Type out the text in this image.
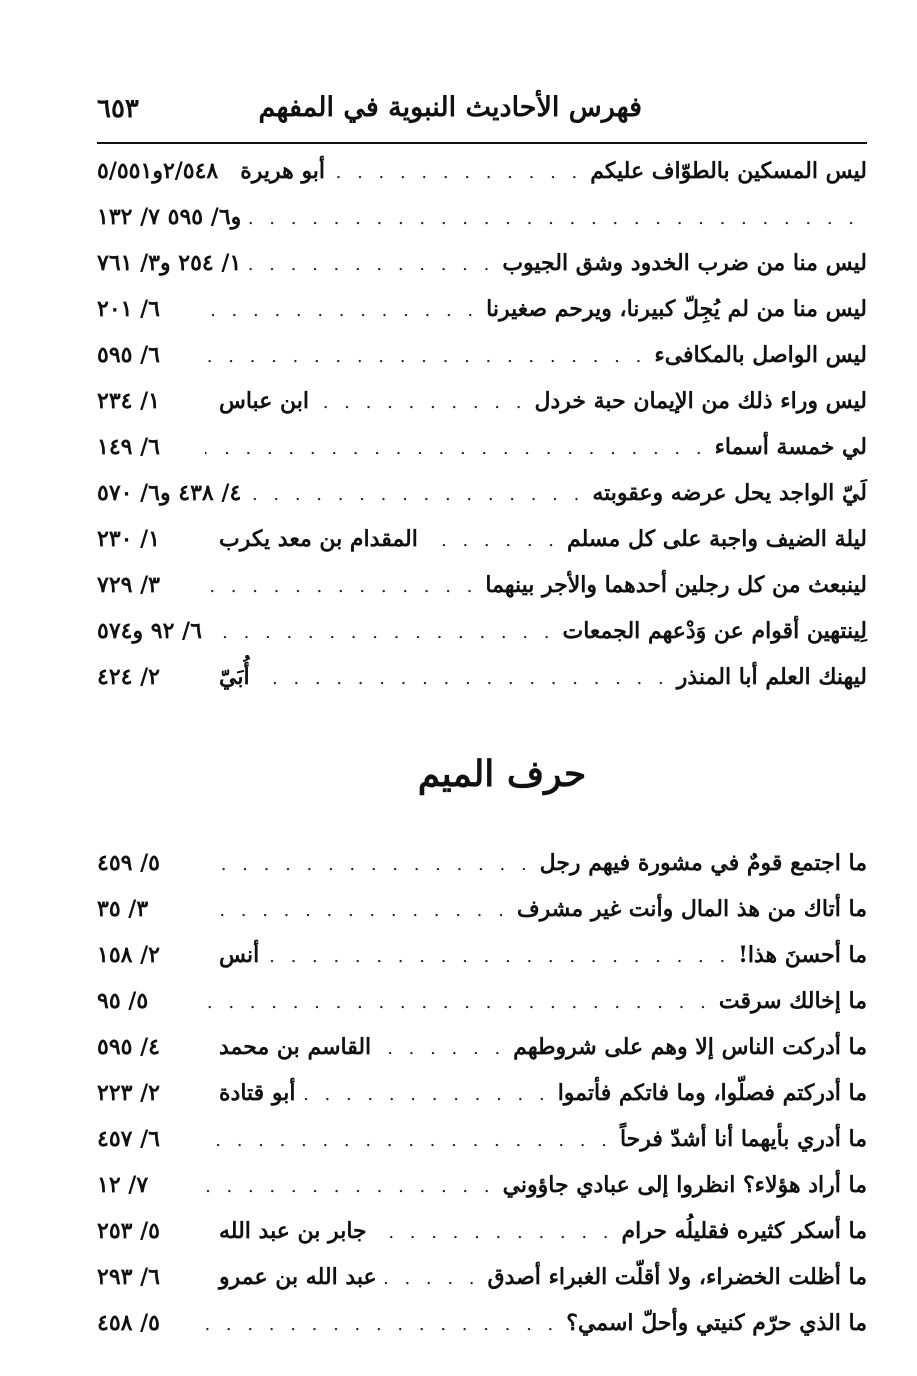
فهرس الأحاديث النبوية في المفهم
٦٥٣
ليس المسكين بالطوّاف عليكم
. . .
أبو هريرة
٢/٥٤٨و٥/٥٥١
. . .
و٦/ ٥٩٥ ٧/ ١٣٢
ليس منا من ضرب الخدود وشق الجيوب
. . .
١/ ٢٥٤ و٣/ ٧٦١
ليس منا من لم يُجِلّ كبيرنا، ويرحم صغيرنا
. . .
٦/ ٢٠١
ليس الواصل بالمكافىء
. . .
٦/ ٥٩٥
ليس وراء ذلك من الإيمان حبة خردل
. . .
ابن عباس
١/ ٢٣٤
لي خمسة أسماء
. . .
٦/ ١٤٩
لَيّ الواجد يحل عرضه وعقوبته
. . .
٤/ ٤٣٨ و٦/ ٥٧٠
ليلة الضيف واجبة على كل مسلم
. . .
المقدام بن معد يكرب
١/ ٢٣٠
لينبعث من كل رجلين أحدهما والأجر بينهما
. . .
٣/ ٧٢٩
لِينتهين أقوام عن وَدْعهم الجمعات
. . .
٦/ ٩٢ و٥٧٤
ليهنك العلم أبا المنذر
. . .
أُبَيّ
٢/ ٤٢٤
حرف الميم
ما اجتمع قومٌ في مشورة فيهم رجل
. . .
٥/ ٤٥٩
ما أتاك من هذ المال وأنت غير مشرف
. . .
٣/ ٣٥
ما أحسنَ هذا!
. . .
أنس
٢/ ١٥٨
ما إخالك سرقت
. . .
٥/ ٩٥
ما أدركت الناس إلا وهم على شروطهم
. . .
القاسم بن محمد
٤/ ٥٩٥
ما أدركتم فصلّوا، وما فاتكم فأتموا
. . .
أبو قتادة
٢/ ٢٢٣
ما أدري بأيهما أنا أشدّ فرحاً
. . .
٦/ ٤٥٧
ما أراد هؤلاء؟ انظروا إلى عبادي جاؤوني
. . .
٧/ ١٢
ما أسكر كثيره فقليلُه حرام
. . .
جابر بن عبد الله
٥/ ٢٥٣
ما أظلت الخضراء، ولا أقلّت الغبراء أصدق
. . .
عبد الله بن عمرو
٦/ ٢٩٣
ما الذي حرّم كنيتي وأحلّ اسمي؟
. . .
٥/ ٤٥٨
